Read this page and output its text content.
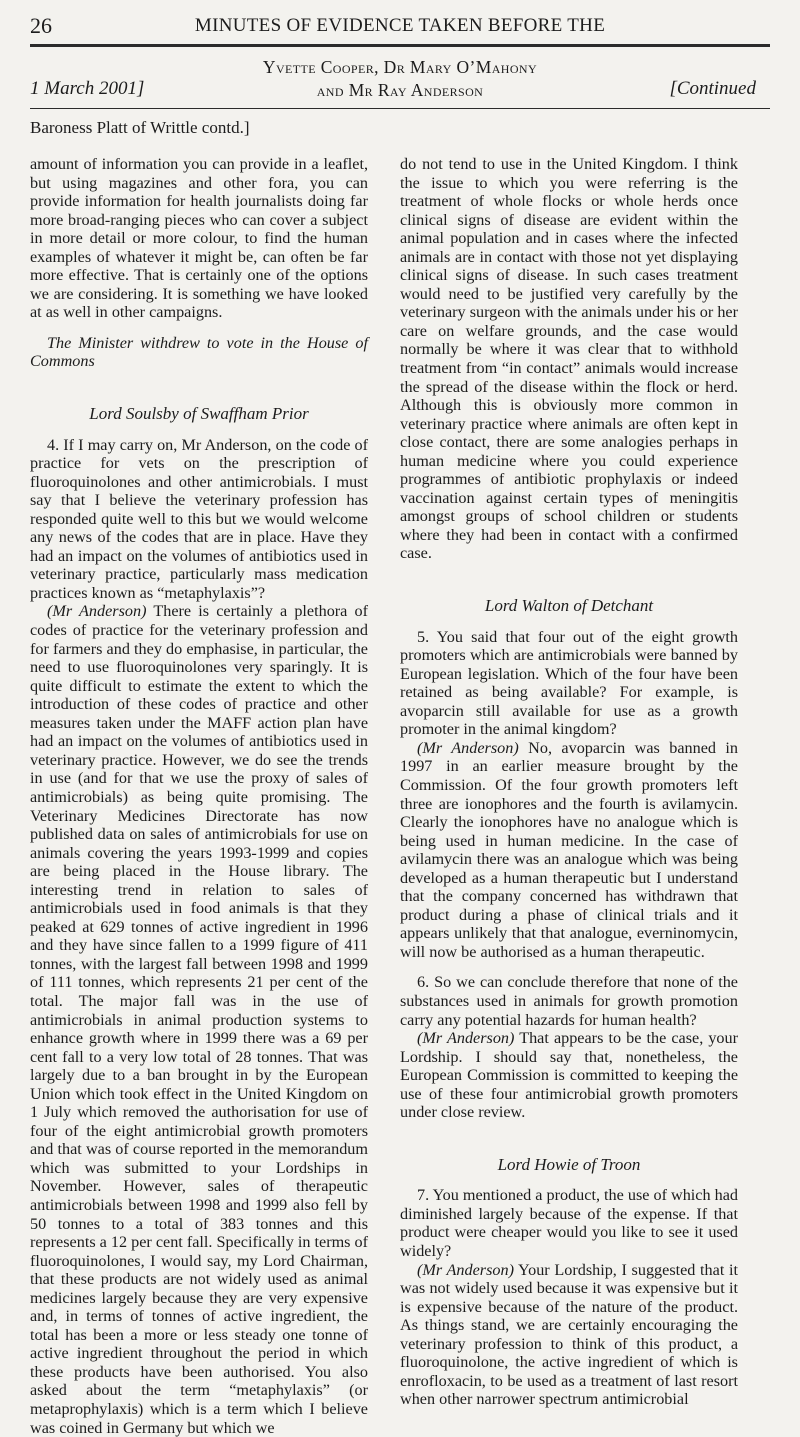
26	MINUTES OF EVIDENCE TAKEN BEFORE THE
1 March 2001]
Yvette Cooper, Dr Mary O’Mahony
and Mr Ray Anderson	[Continued
Baroness Platt of Writtle contd.]

amount of information you can provide in a leaflet, but using magazines and other fora, you can provide information for health journalists doing far more broad-ranging pieces who can cover a subject in more detail or more colour, to find the human examples of whatever it might be, can often be far more effective. That is certainly one of the options we are considering. It is something we have looked at as well in other campaigns.

The Minister withdrew to vote in the House of Commons

Lord Soulsby of Swaffham Prior

4. If I may carry on, Mr Anderson, on the code of practice for vets on the prescription of fluoroquinolones and other antimicrobials. I must say that I believe the veterinary profession has responded quite well to this but we would welcome any news of the codes that are in place. Have they had an impact on the volumes of antibiotics used in veterinary practice, particularly mass medication practices known as “metaphylaxis”?

(Mr Anderson) There is certainly a plethora of codes of practice for the veterinary profession and for farmers and they do emphasise, in particular, the need to use fluoroquinolones very sparingly. It is quite difficult to estimate the extent to which the introduction of these codes of practice and other measures taken under the MAFF action plan have had an impact on the volumes of antibiotics used in veterinary practice. However, we do see the trends in use (and for that we use the proxy of sales of antimicrobials) as being quite promising. The Veterinary Medicines Directorate has now published data on sales of antimicrobials for use on animals covering the years 1993-1999 and copies are being placed in the House library. The interesting trend in relation to sales of antimicrobials used in food animals is that they peaked at 629 tonnes of active ingredient in 1996 and they have since fallen to a 1999 figure of 411 tonnes, with the largest fall between 1998 and 1999 of 111 tonnes, which represents 21 per cent of the total. The major fall was in the use of antimicrobials in animal production systems to enhance growth where in 1999 there was a 69 per cent fall to a very low total of 28 tonnes. That was largely due to a ban brought in by the European Union which took effect in the United Kingdom on 1 July which removed the authorisation for use of four of the eight antimicrobial growth promoters and that was of course reported in the memorandum which was submitted to your Lordships in November. However, sales of therapeutic antimicrobials between 1998 and 1999 also fell by 50 tonnes to a total of 383 tonnes and this represents a 12 per cent fall. Specifically in terms of fluoroquinolones, I would say, my Lord Chairman, that these products are not widely used as animal medicines largely because they are very expensive and, in terms of tonnes of active ingredient, the total has been a more or less steady one tonne of active ingredient throughout the period in which these products have been authorised. You also asked about the term “metaphylaxis” (or metaprophylaxis) which is a term which I believe was coined in Germany but which we

do not tend to use in the United Kingdom. I think the issue to which you were referring is the treatment of whole flocks or whole herds once clinical signs of disease are evident within the animal population and in cases where the infected animals are in contact with those not yet displaying clinical signs of disease. In such cases treatment would need to be justified very carefully by the veterinary surgeon with the animals under his or her care on welfare grounds, and the case would normally be where it was clear that to withhold treatment from “in contact” animals would increase the spread of the disease within the flock or herd. Although this is obviously more common in veterinary practice where animals are often kept in close contact, there are some analogies perhaps in human medicine where you could experience programmes of antibiotic prophylaxis or indeed vaccination against certain types of meningitis amongst groups of school children or students where they had been in contact with a confirmed case.

Lord Walton of Detchant

5. You said that four out of the eight growth promoters which are antimicrobials were banned by European legislation. Which of the four have been retained as being available? For example, is avoparcin still available for use as a growth promoter in the animal kingdom?

(Mr Anderson) No, avoparcin was banned in 1997 in an earlier measure brought by the Commission. Of the four growth promoters left three are ionophores and the fourth is avilamycin. Clearly the ionophores have no analogue which is being used in human medicine. In the case of avilamycin there was an analogue which was being developed as a human therapeutic but I understand that the company concerned has withdrawn that product during a phase of clinical trials and it appears unlikely that that analogue, everninomycin, will now be authorised as a human therapeutic.

6. So we can conclude therefore that none of the substances used in animals for growth promotion carry any potential hazards for human health?

(Mr Anderson) That appears to be the case, your Lordship. I should say that, nonetheless, the European Commission is committed to keeping the use of these four antimicrobial growth promoters under close review.

Lord Howie of Troon

7. You mentioned a product, the use of which had diminished largely because of the expense. If that product were cheaper would you like to see it used widely?

(Mr Anderson) Your Lordship, I suggested that it was not widely used because it was expensive but it is expensive because of the nature of the product. As things stand, we are certainly encouraging the veterinary profession to think of this product, a fluoroquinolone, the active ingredient of which is enrofloxacin, to be used as a treatment of last resort when other narrower spectrum antimicrobial
